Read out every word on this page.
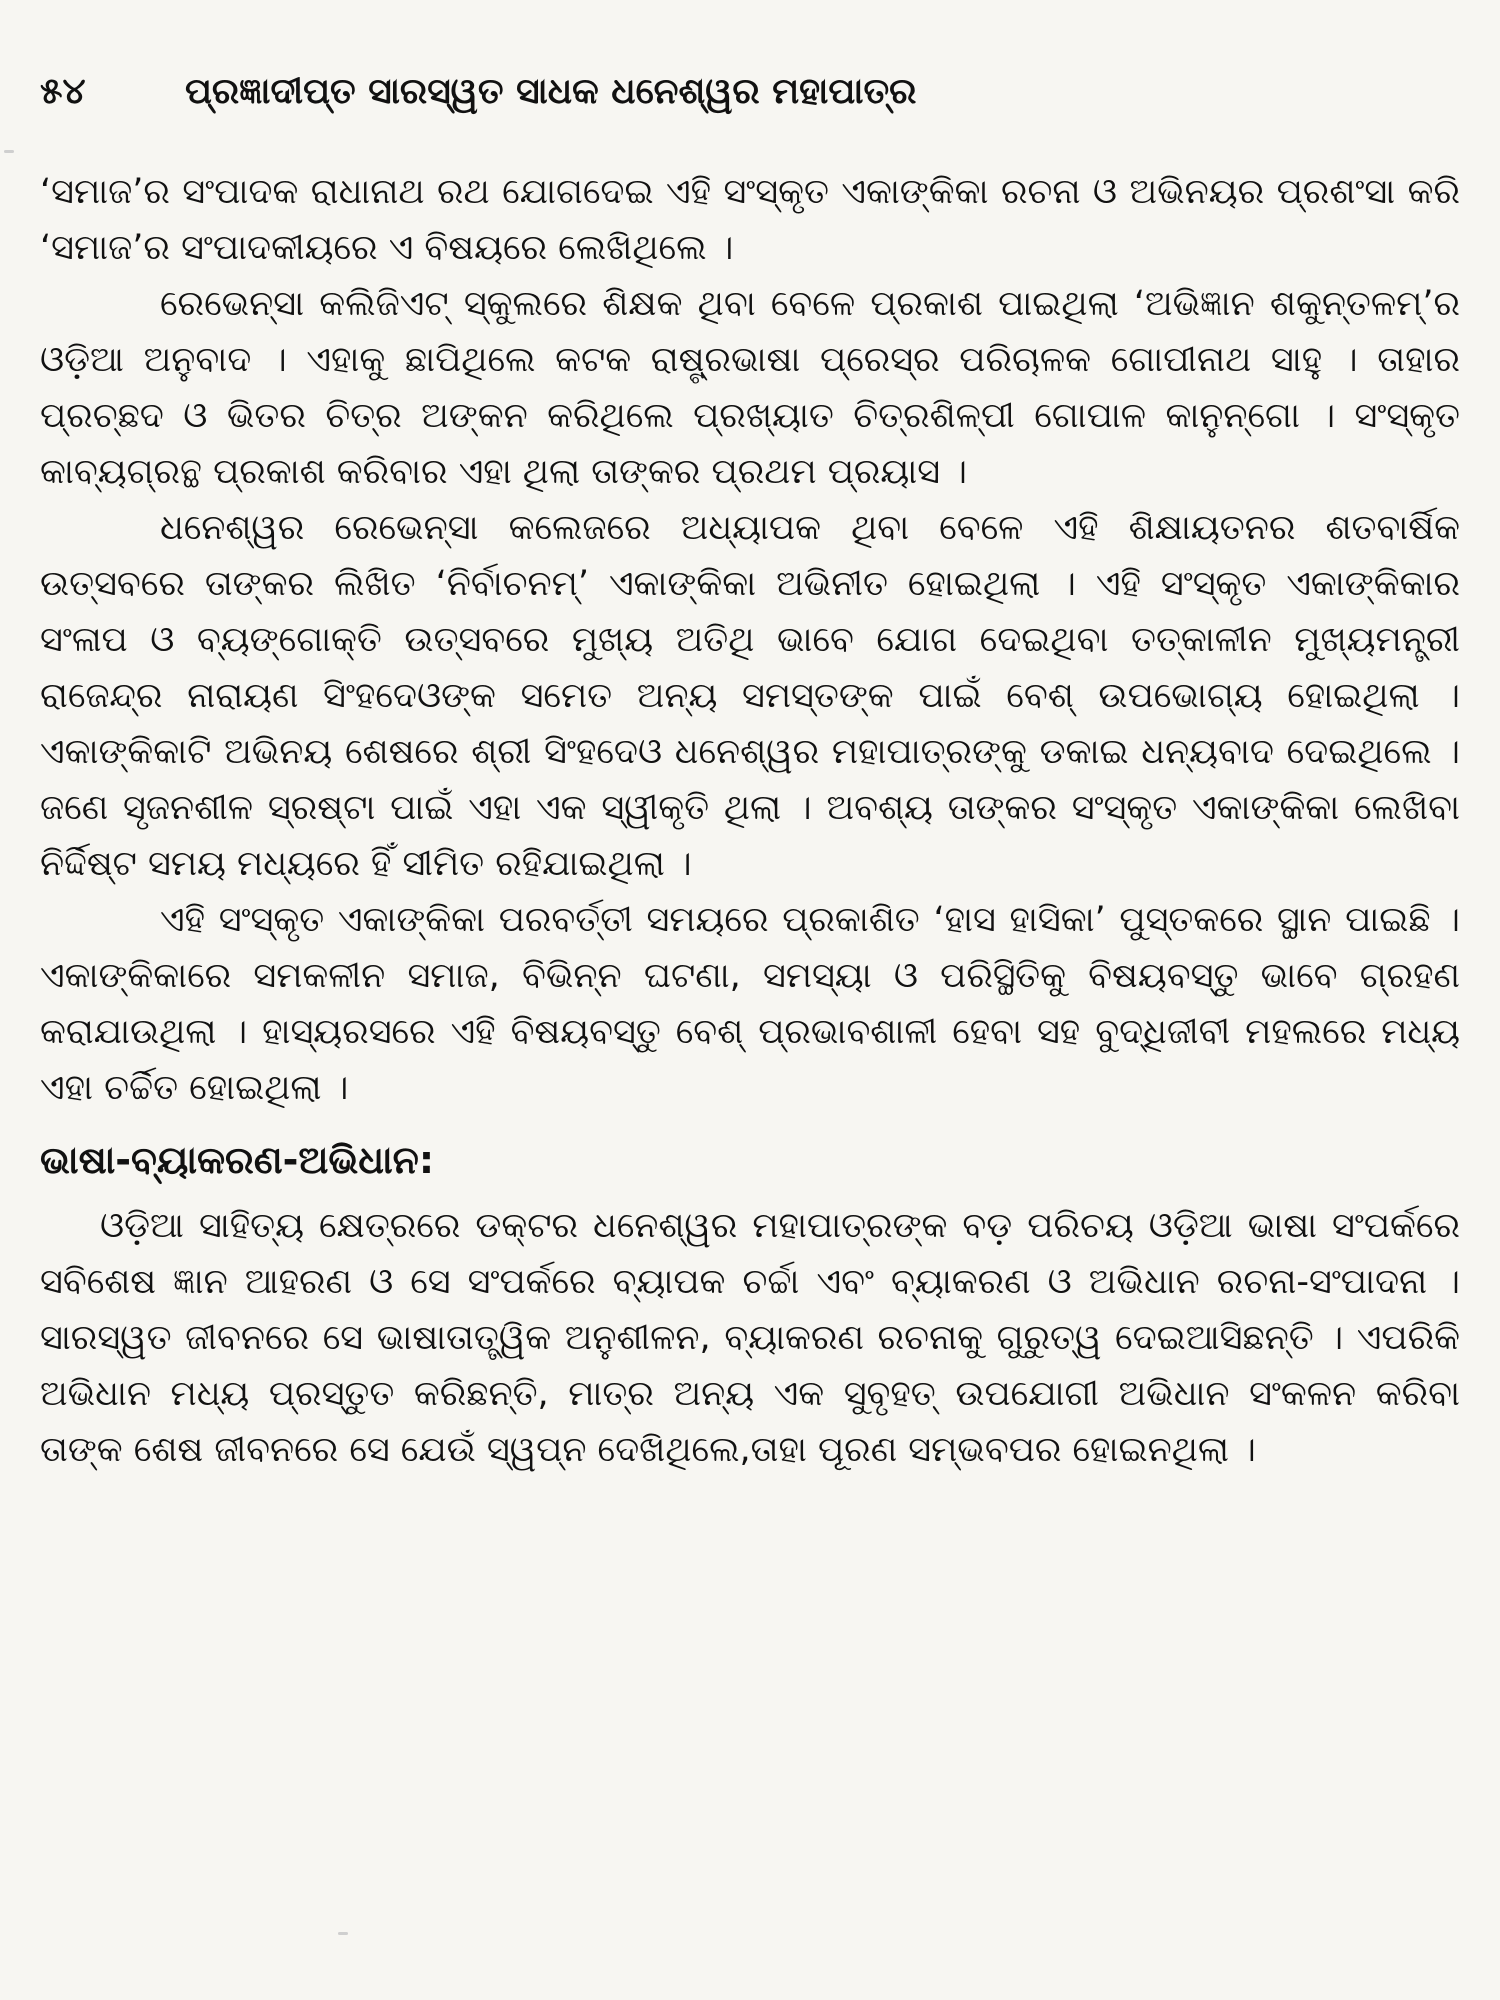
୫୪	ପ୍ରଜ୍ଞାଦୀପ୍ତ ସାରସ୍ୱତ ସାଧକ ଧନେଶ୍ୱର ମହାପାତ୍ର

‘ସମାଜ’ର ସଂପାଦକ ରାଧାନାଥ ରଥ ଯୋଗଦେଇ ଏହି ସଂସ୍କୃତ ଏକାଙ୍କିକା ରଚନା ଓ ଅଭିନୟର ପ୍ରଶଂସା କରି ‘ସମାଜ’ର ସଂପାଦକୀୟରେ ଏ ବିଷୟରେ ଲେଖିଥିଲେ ।

ରେଭେନ୍ସା କଲିଜିଏଟ୍ ସ୍କୁଲରେ ଶିକ୍ଷକ ଥିବା ବେଳେ ପ୍ରକାଶ ପାଇଥିଲା ‘ଅଭିଜ୍ଞାନ ଶକୁନ୍ତଳମ୍’ର ଓଡ଼ିଆ ଅନୁବାଦ । ଏହାକୁ ଛାପିଥିଲେ କଟକ ରାଷ୍ଟ୍ରଭାଷା ପ୍ରେସ୍‌ର ପରିଚାଳକ ଗୋପୀନାଥ ସାହୁ । ତାହାର ପ୍ରଚ୍ଛଦ ଓ ଭିତର ଚିତ୍ର ଅଙ୍କନ କରିଥିଲେ ପ୍ରଖ୍ୟାତ ଚିତ୍ରଶିଳ୍ପୀ ଗୋପାଳ କାନୁନ୍‌ଗୋ । ସଂସ୍କୃତ କାବ୍ୟଗ୍ରନ୍ଥ ପ୍ରକାଶ କରିବାର ଏହା ଥିଲା ତାଙ୍କର ପ୍ରଥମ ପ୍ରୟାସ ।

ଧନେଶ୍ୱର ରେଭେନ୍ସା କଲେଜରେ ଅଧ୍ୟାପକ ଥିବା ବେଳେ ଏହି ଶିକ୍ଷାୟତନର ଶତବାର୍ଷିକ ଉତ୍ସବରେ ତାଙ୍କର ଲିଖିତ ‘ନିର୍ବାଚନମ୍’ ଏକାଙ୍କିକା ଅଭିନୀତ ହୋଇଥିଲା । ଏହି ସଂସ୍କୃତ ଏକାଙ୍କିକାର ସଂଳାପ ଓ ବ୍ୟଙ୍ଗୋକ୍ତି ଉତ୍ସବରେ ମୁଖ୍ୟ ଅତିଥି ଭାବେ ଯୋଗ ଦେଇଥିବା ତତ୍‌କାଳୀନ ମୁଖ୍ୟମନ୍ତ୍ରୀ ରାଜେନ୍ଦ୍ର ନାରାୟଣ ସିଂହଦେଓଙ୍କ ସମେତ ଅନ୍ୟ ସମସ୍ତଙ୍କ ପାଇଁ ବେଶ୍ ଉପଭୋଗ୍ୟ ହୋଇଥିଲା । ଏକାଙ୍କିକାଟି ଅଭିନୟ ଶେଷରେ ଶ୍ରୀ ସିଂହଦେଓ ଧନେଶ୍ୱର ମହାପାତ୍ରଙ୍କୁ ଡକାଇ ଧନ୍ୟବାଦ ଦେଇଥିଲେ । ଜଣେ ସୃଜନଶୀଳ ସ୍ରଷ୍ଟା ପାଇଁ ଏହା ଏକ ସ୍ୱୀକୃତି ଥିଲା । ଅବଶ୍ୟ ତାଙ୍କର ସଂସ୍କୃତ ଏକାଙ୍କିକା ଲେଖିବା ନିର୍ଦ୍ଦିଷ୍ଟ ସମୟ ମଧ୍ୟରେ ହିଁ ସୀମିତ ରହିଯାଇଥିଲା ।

ଏହି ସଂସ୍କୃତ ଏକାଙ୍କିକା ପରବର୍ତ୍ତୀ ସମୟରେ ପ୍ରକାଶିତ ‘ହାସ ହାସିକା’ ପୁସ୍ତକରେ ସ୍ଥାନ ପାଇଛି । ଏକାଙ୍କିକାରେ ସମକଳୀନ ସମାଜ, ବିଭିନ୍ନ ଘଟଣା, ସମସ୍ୟା ଓ ପରିସ୍ଥିତିକୁ ବିଷୟବସ୍ତୁ ଭାବେ ଗ୍ରହଣ କରାଯାଉଥିଲା । ହାସ୍ୟରସରେ ଏହି ବିଷୟବସ୍ତୁ ବେଶ୍ ପ୍ରଭାବଶାଳୀ ହେବା ସହ ବୁଦ୍ଧିଜୀବୀ ମହଲରେ ମଧ୍ୟ ଏହା ଚର୍ଚ୍ଚିତ ହୋଇଥିଲା ।

ଭାଷା-ବ୍ୟାକରଣ-ଅଭିଧାନ:

ଓଡ଼ିଆ ସାହିତ୍ୟ କ୍ଷେତ୍ରରେ ଡକ୍ଟର ଧନେଶ୍ୱର ମହାପାତ୍ରଙ୍କ ବଡ଼ ପରିଚୟ ଓଡ଼ିଆ ଭାଷା ସଂପର୍କରେ ସବିଶେଷ ଜ୍ଞାନ ଆହରଣ ଓ ସେ ସଂପର୍କରେ ବ୍ୟାପକ ଚର୍ଚ୍ଚା ଏବଂ ବ୍ୟାକରଣ ଓ ଅଭିଧାନ ରଚନା-ସଂପାଦନା । ସାରସ୍ୱତ ଜୀବନରେ ସେ ଭାଷାତାତ୍ତ୍ୱିକ ଅନୁଶୀଳନ, ବ୍ୟାକରଣ ରଚନାକୁ ଗୁରୁତ୍ୱ ଦେଇଆସିଛନ୍ତି । ଏପରିକି ଅଭିଧାନ ମଧ୍ୟ ପ୍ରସ୍ତୁତ କରିଛନ୍ତି, ମାତ୍ର ଅନ୍ୟ ଏକ ସୁବୃହତ୍ ଉପଯୋଗୀ ଅଭିଧାନ ସଂକଳନ କରିବା ତାଙ୍କ ଶେଷ ଜୀବନରେ ସେ ଯେଉଁ ସ୍ୱପ୍ନ ଦେଖିଥିଲେ,ତାହା ପୂରଣ ସମ୍ଭବପର ହୋଇନଥିଲା ।
